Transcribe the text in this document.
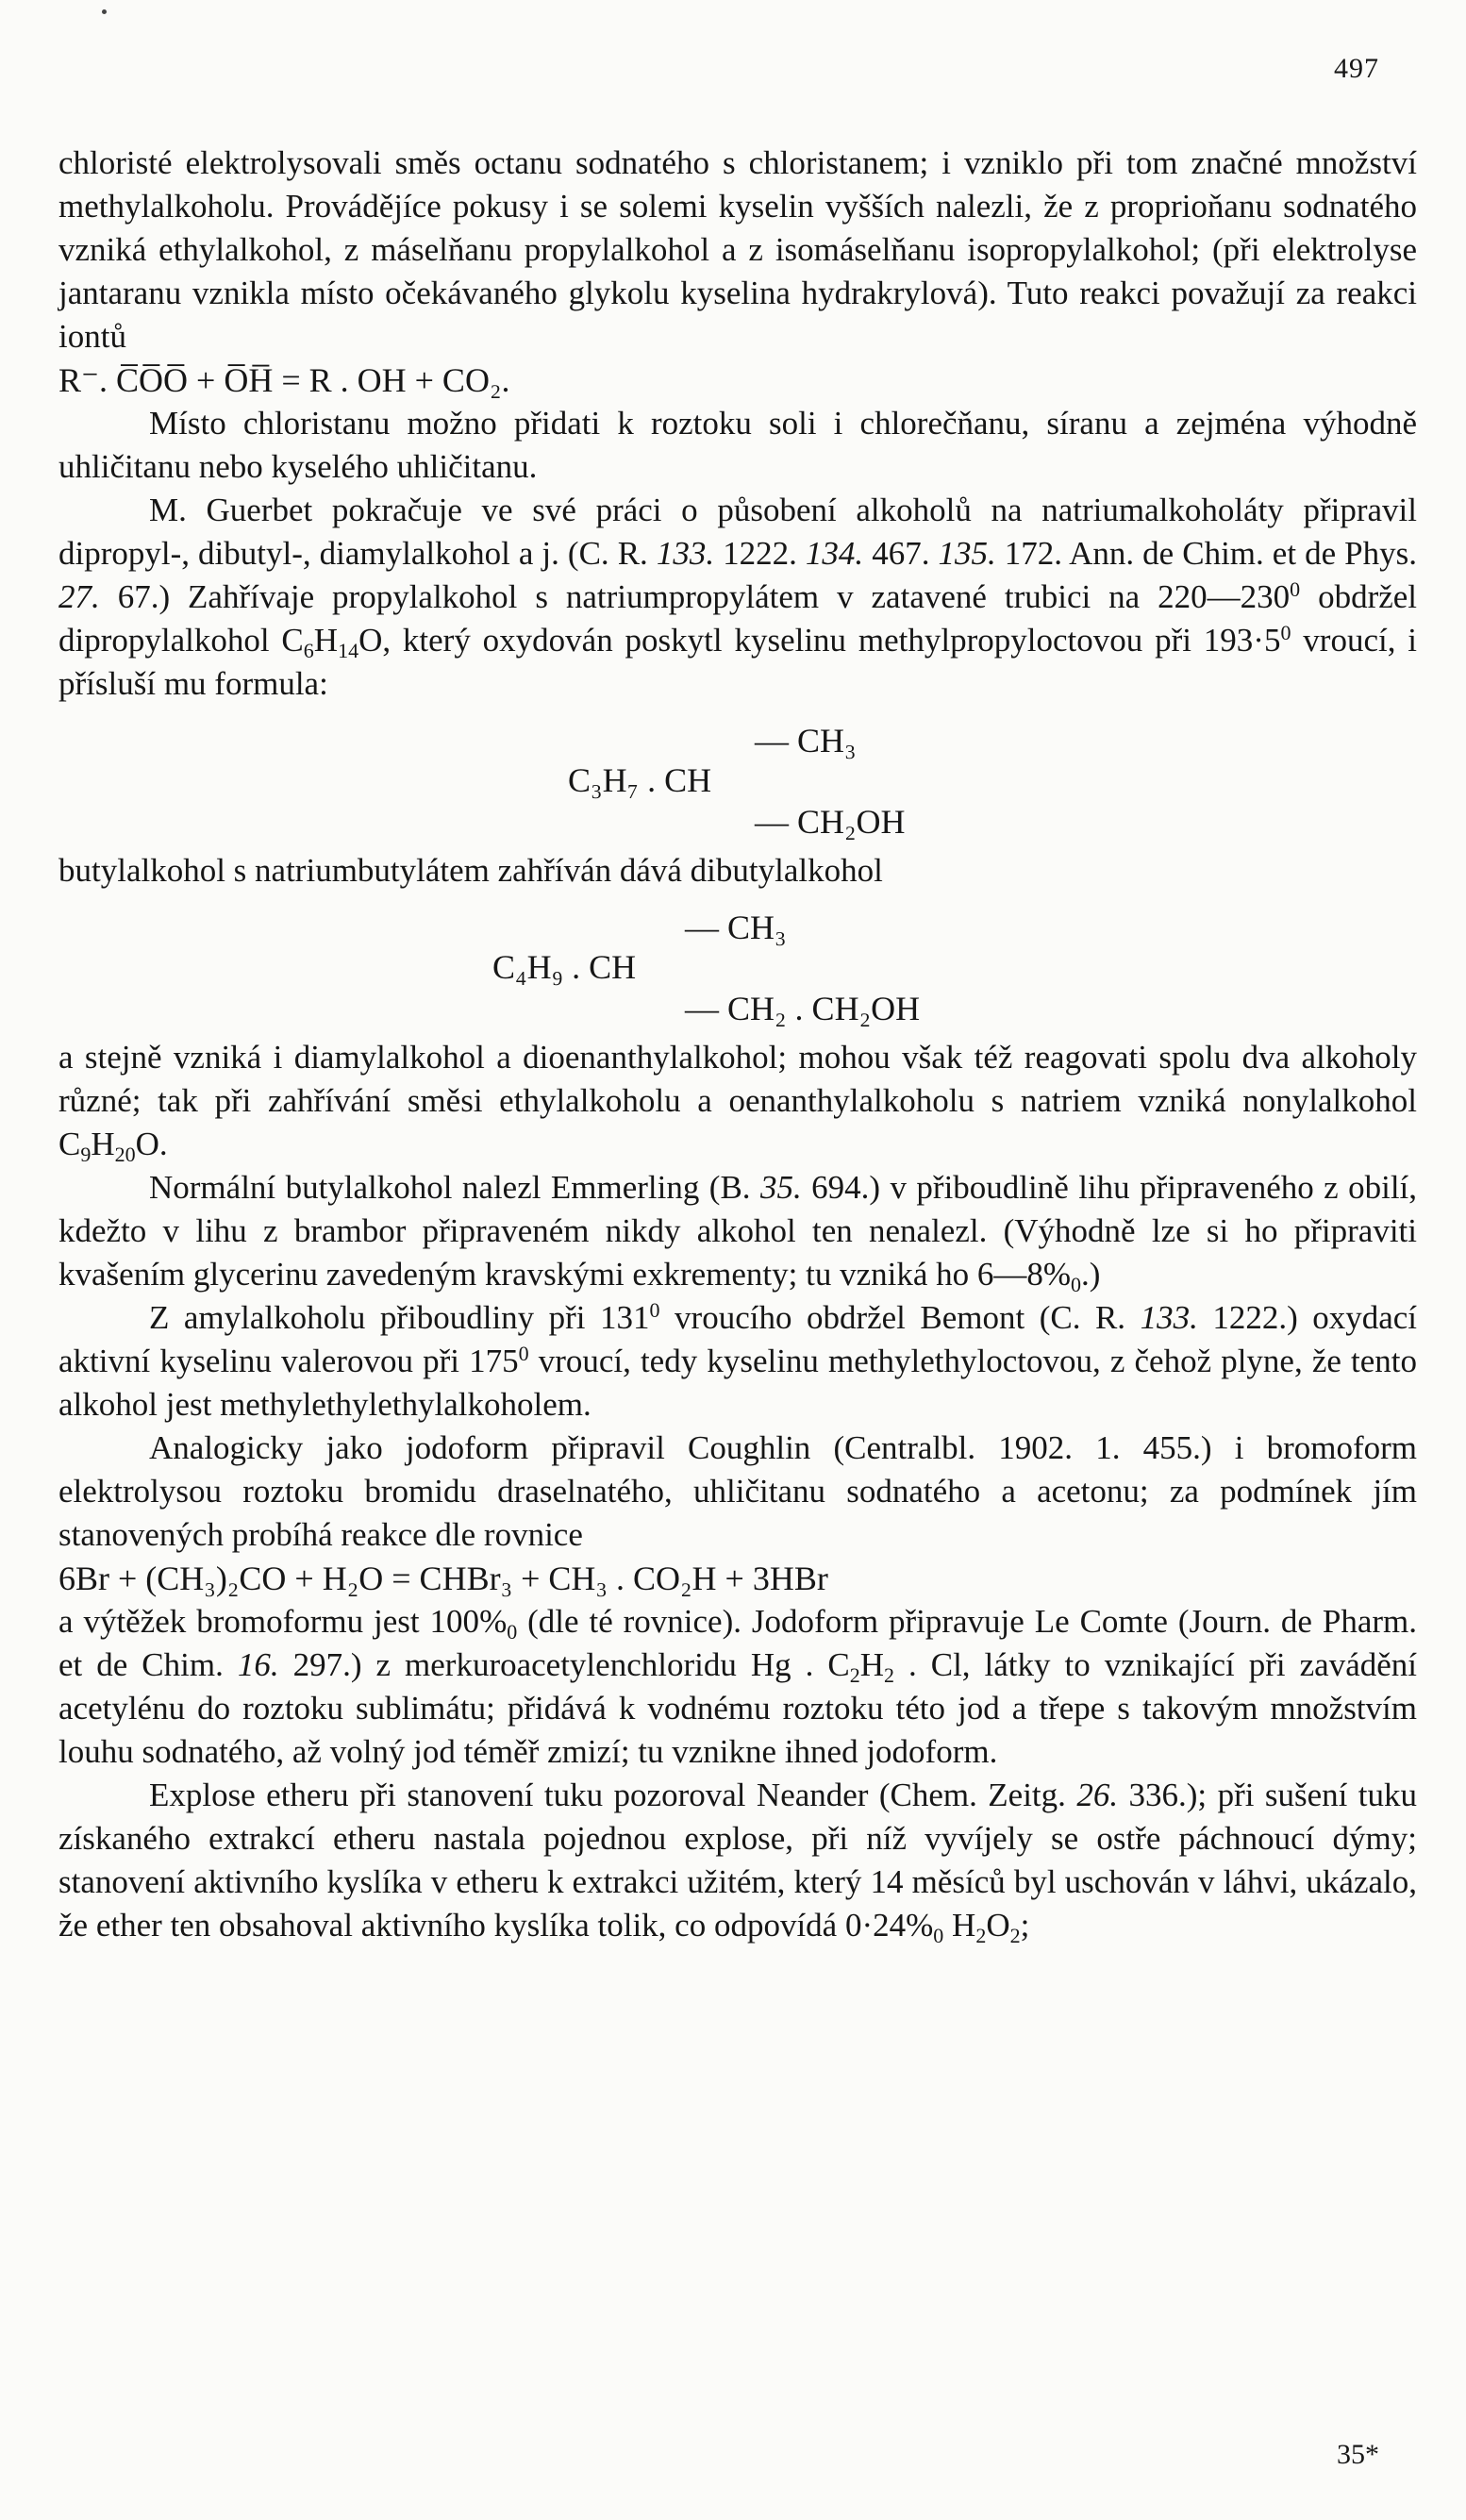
497

chloristé elektrolysovali směs octanu sodnatého s chloristanem; i vzniklo při tom značné množství methylalkoholu. Provádějíce pokusy i se solemi kyselin vyšších nalezli, že z proprioňanu sodnatého vzniká ethylalkohol, z máselňanu propylalkohol a z isomáselňanu isopropylalkohol; (při elektrolyse jantaranu vznikla místo očekávaného glykolu kyselina hydrakrylová). Tuto reakci považují za reakci iontů

R⁻. C̅O̅O̅ + O̅H̅ = R . OH + CO₂.

Místo chloristanu možno přidati k roztoku soli i chlorečňanu, síranu a zejména výhodně uhličitanu nebo kyselého uhličitanu.

M. Guerbet pokračuje ve své práci o působení alkoholů na natriumalkoholáty připravil dipropyl-, dibutyl-, diamylalkohol a j. (C. R. 133. 1222. 134. 467. 135. 172. Ann. de Chim. et de Phys. 27. 67.) Zahřívaje propylalkohol s natriumpropylátem v zatavené trubici na $220—230^0$ obdržel dipropylalkohol $C_6H_{14}O$, který oxydován poskytl kyselinu methylpropyloctovou při $193\cdot 5^0$ vroucí, i přísluší mu formula:

— CH₃
C₃H₇ . CH
— CH₂OH

butylalkohol s natriumbutylátem zahříván dává dibutylalkohol

— CH₃
C₄H₉ . CH
— CH₂ . CH₂OH

a stejně vzniká i diamylalkohol a dioenanthylalkohol; mohou však též reagovati spolu dva alkoholy různé; tak při zahřívání směsi ethylalkoholu a oenanthylalkoholu s natriem vzniká nonylalkohol $C_9H_{20}O$.

Normální butylalkohol nalezl Emmerling (B. 35. 694.) v přiboudlině lihu připraveného z obilí, kdežto v lihu z brambor připraveném nikdy alkohol ten nenalezl. (Výhodně lze si ho připraviti kvašením glycerinu zavedeným kravskými exkrementy; tu vzniká ho $6—8\%_0$.)

Z amylalkoholu přiboudliny při $131^0$ vroucího obdržel Bemont (C. R. 133. 1222.) oxydací aktivní kyselinu valerovou při $175^0$ vroucí, tedy kyselinu methylethyloctovou, z čehož plyne, že tento alkohol jest methylethylethylalkoholem.

Analogicky jako jodoform připravil Coughlin (Centralbl. 1902. 1. 455.) i bromoform elektrolysou roztoku bromidu draselnatého, uhličitanu sodnatého a acetonu; za podmínek jím stanovených probíhá reakce dle rovnice

6Br + (CH₃)₂CO + H₂O = CHBr₃ + CH₃ . CO₂H + 3HBr

a výtěžek bromoformu jest $100\%_0$ (dle té rovnice). Jodoform připravuje Le Comte (Journ. de Pharm. et de Chim. 16. 297.) z merkuroacetylenchloridu Hg . $C_2H_2$ . Cl, látky to vznikající při zavádění acetylénu do roztoku sublimátu; přidává k vodnému roztoku této jod a třepe s takovým množstvím louhu sodnatého, až volný jod téměř zmizí; tu vznikne ihned jodoform.

Explose etheru při stanovení tuku pozoroval Neander (Chem. Zeitg. 26. 336.); při sušení tuku získaného extrakcí etheru nastala pojednou explose, při níž vyvíjely se ostře páchnoucí dýmy; stanovení aktivního kyslíka v etheru k extrakci užitém, který 14 měsíců byl uschován v láhvi, ukázalo, že ether ten obsahoval aktivního kyslíka tolik, co odpovídá $0\cdot 24\%_0$ $H_2O_2$;

35*
